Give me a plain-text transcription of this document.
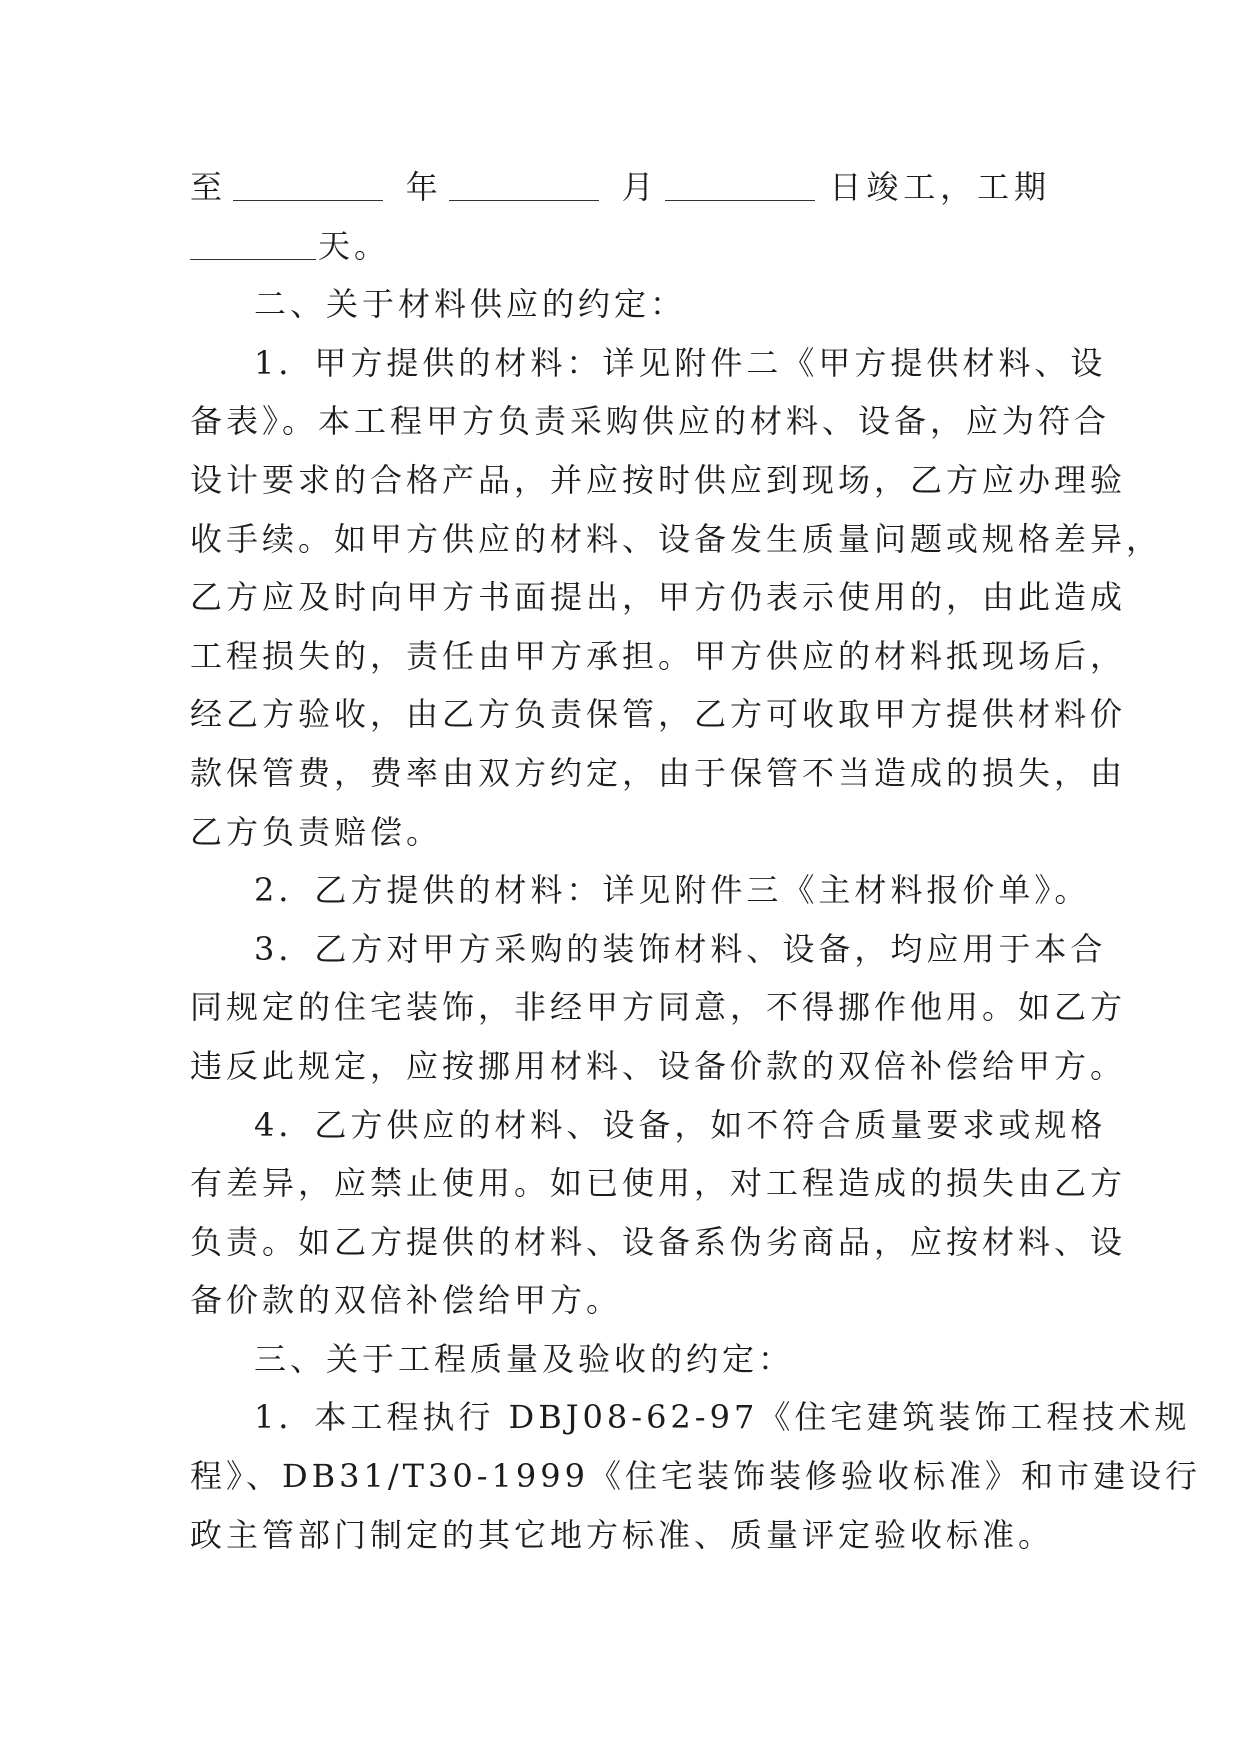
至	年	月	日竣工，工期
天。
二、关于材料供应的约定：
1．甲方提供的材料：详见附件二《甲方提供材料、设
备表》。本工程甲方负责采购供应的材料、设备，应为符合
设计要求的合格产品，并应按时供应到现场，乙方应办理验
收手续。如甲方供应的材料、设备发生质量问题或规格差异，
乙方应及时向甲方书面提出，甲方仍表示使用的，由此造成
工程损失的，责任由甲方承担。甲方供应的材料抵现场后，
经乙方验收，由乙方负责保管，乙方可收取甲方提供材料价
款保管费，费率由双方约定，由于保管不当造成的损失，由
乙方负责赔偿。
2．乙方提供的材料：详见附件三《主材料报价单》。
3．乙方对甲方采购的装饰材料、设备，均应用于本合
同规定的住宅装饰，非经甲方同意，不得挪作他用。如乙方
违反此规定，应按挪用材料、设备价款的双倍补偿给甲方。
4．乙方供应的材料、设备，如不符合质量要求或规格
有差异，应禁止使用。如已使用，对工程造成的损失由乙方
负责。如乙方提供的材料、设备系伪劣商品，应按材料、设
备价款的双倍补偿给甲方。
三、关于工程质量及验收的约定：
1．本工程执行 DBJ08-62-97《住宅建筑装饰工程技术规
程》、DB31/T30-1999《住宅装饰装修验收标准》和市建设行
政主管部门制定的其它地方标准、质量评定验收标准。
